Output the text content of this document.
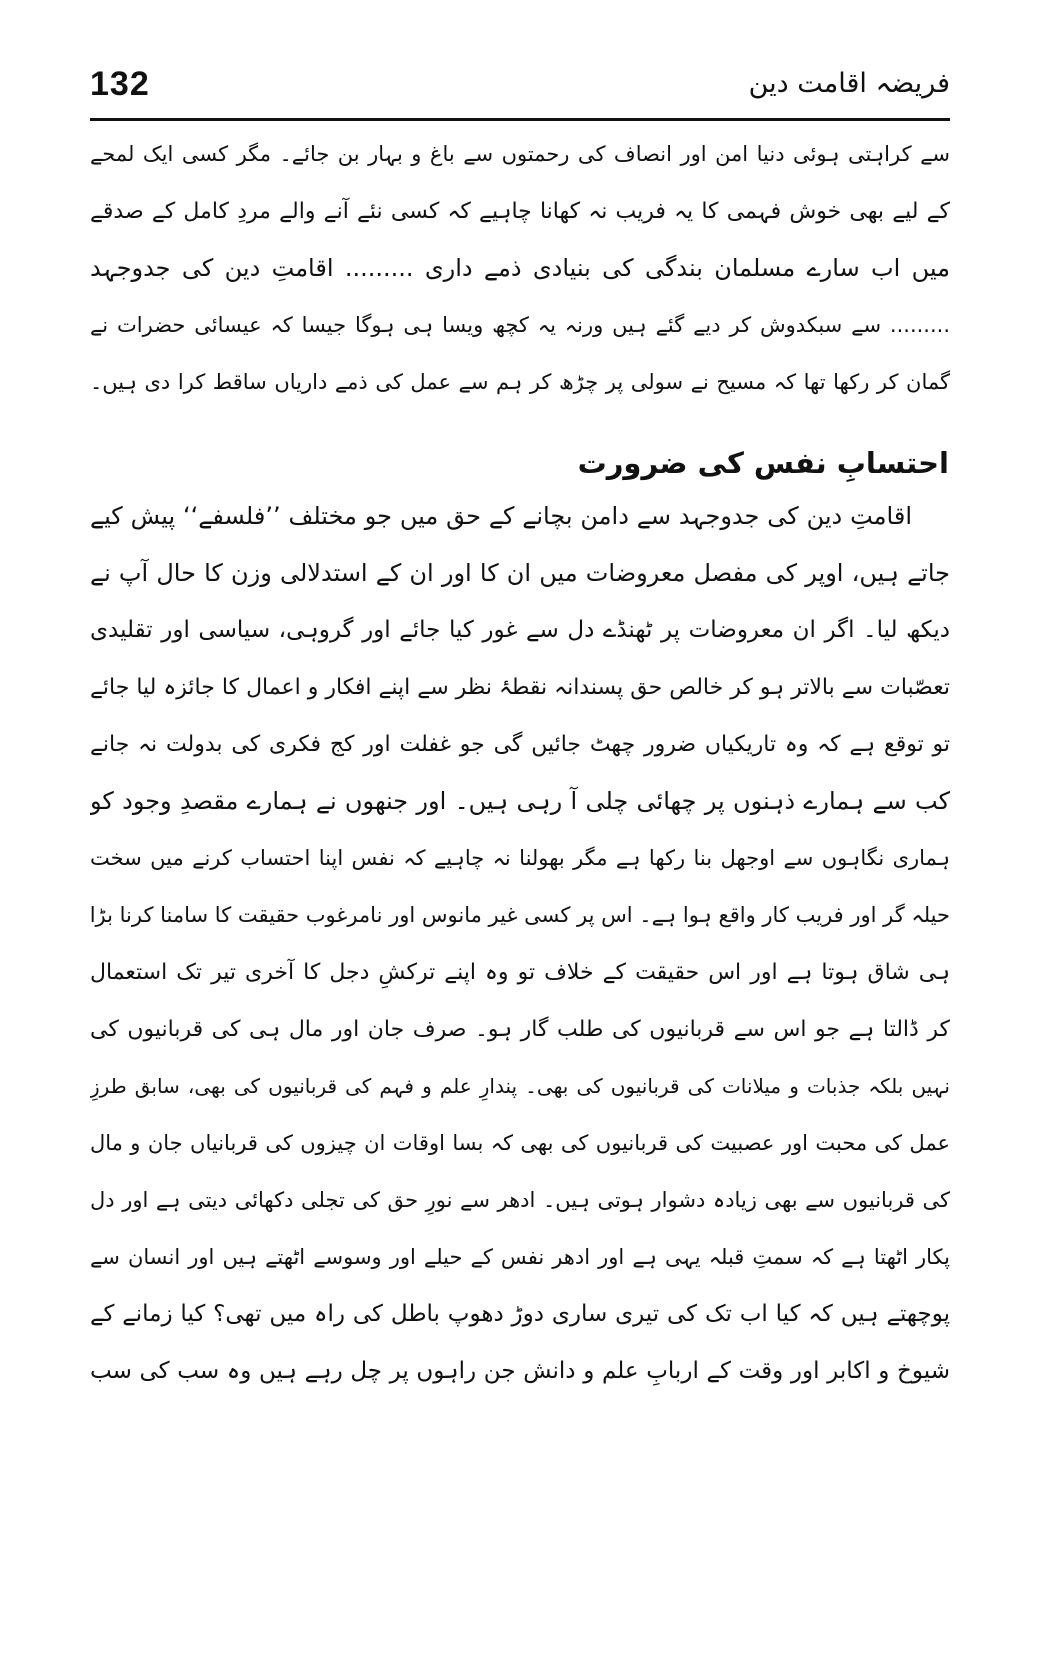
132	فریضہ اقامت دین
سے کراہتی ہوئی دنیا امن اور انصاف کی رحمتوں سے باغ و بہار بن جائے۔ مگر کسی ایک لمحے
کے لیے بھی خوش فہمی کا یہ فریب نہ کھانا چاہیے کہ کسی نئے آنے والے مردِ کامل کے صدقے
میں اب سارے مسلمان بندگی کی بنیادی ذمے داری ......... اقامتِ دین کی جدوجہد
......... سے سبکدوش کر دیے گئے ہیں ورنہ یہ کچھ ویسا ہی ہوگا جیسا کہ عیسائی حضرات نے
گمان کر رکھا تھا کہ مسیح نے سولی پر چڑھ کر ہم سے عمل کی ذمے داریاں ساقط کرا دی ہیں۔
احتسابِ نفس کی ضرورت
اقامتِ دین کی جدوجہد سے دامن بچانے کے حق میں جو مختلف ’’فلسفے‘‘ پیش کیے
جاتے ہیں، اوپر کی مفصل معروضات میں ان کا اور ان کے استدلالی وزن کا حال آپ نے
دیکھ لیا۔ اگر ان معروضات پر ٹھنڈے دل سے غور کیا جائے اور گروہی، سیاسی اور تقلیدی
تعصّبات سے بالاتر ہو کر خالص حق پسندانہ نقطۂ نظر سے اپنے افکار و اعمال کا جائزہ لیا جائے
تو توقع ہے کہ وہ تاریکیاں ضرور چھٹ جائیں گی جو غفلت اور کج فکری کی بدولت نہ جانے
کب سے ہمارے ذہنوں پر چھائی چلی آ رہی ہیں۔ اور جنھوں نے ہمارے مقصدِ وجود کو
ہماری نگاہوں سے اوجھل بنا رکھا ہے مگر بھولنا نہ چاہیے کہ نفس اپنا احتساب کرنے میں سخت
حیلہ گر اور فریب کار واقع ہوا ہے۔ اس پر کسی غیر مانوس اور نامرغوب حقیقت کا سامنا کرنا بڑا
ہی شاق ہوتا ہے اور اس حقیقت کے خلاف تو وہ اپنے ترکشِ دجل کا آخری تیر تک استعمال
کر ڈالتا ہے جو اس سے قربانیوں کی طلب گار ہو۔ صرف جان اور مال ہی کی قربانیوں کی
نہیں بلکہ جذبات و میلانات کی قربانیوں کی بھی۔ پندارِ علم و فہم کی قربانیوں کی بھی، سابق طرزِ
عمل کی محبت اور عصبیت کی قربانیوں کی بھی کہ بسا اوقات ان چیزوں کی قربانیاں جان و مال
کی قربانیوں سے بھی زیادہ دشوار ہوتی ہیں۔ ادھر سے نورِ حق کی تجلی دکھائی دیتی ہے اور دل
پکار اٹھتا ہے کہ سمتِ قبلہ یہی ہے اور ادھر نفس کے حیلے اور وسوسے اٹھتے ہیں اور انسان سے
پوچھتے ہیں کہ کیا اب تک کی تیری ساری دوڑ دھوپ باطل کی راہ میں تھی؟ کیا زمانے کے
شیوخ و اکابر اور وقت کے اربابِ علم و دانش جن راہوں پر چل رہے ہیں وہ سب کی سب
